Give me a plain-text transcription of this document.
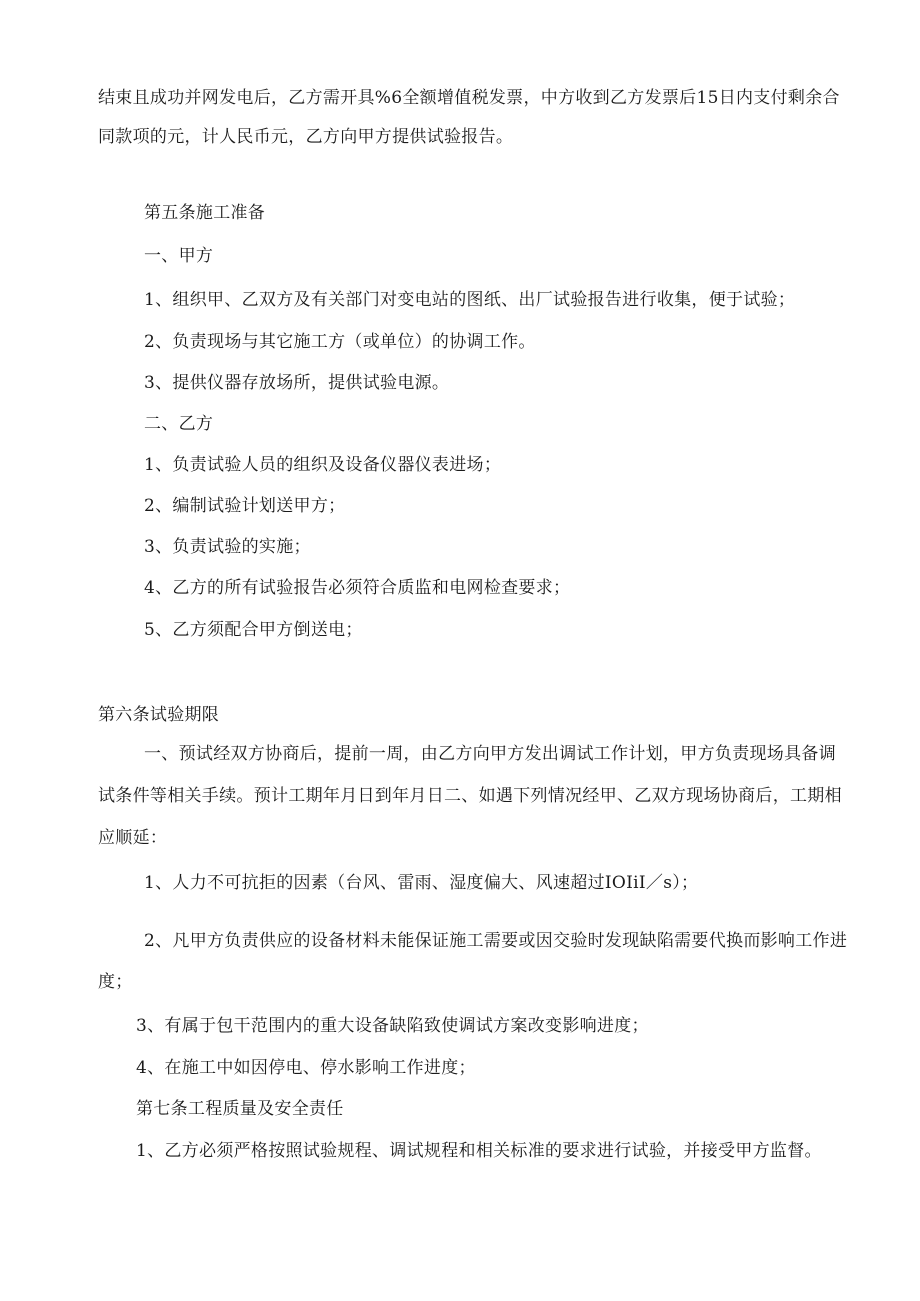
结束且成功并网发电后，乙方需开具%6全额增值税发票，中方收到乙方发票后15日内支付剩余合
同款项的元，计人民币元，乙方向甲方提供试验报告。
第五条施工准备
一、甲方
1、组织甲、乙双方及有关部门对变电站的图纸、出厂试验报告进行收集，便于试验；
2、负责现场与其它施工方（或单位）的协调工作。
3、提供仪器存放场所，提供试验电源。
二、乙方
1、负责试验人员的组织及设备仪器仪表进场；
2、编制试验计划送甲方；
3、负责试验的实施；
4、乙方的所有试验报告必须符合质监和电网检查要求；
5、乙方须配合甲方倒送电；
第六条试验期限
一、预试经双方协商后，提前一周，由乙方向甲方发出调试工作计划，甲方负责现场具备调
试条件等相关手续。预计工期年月日到年月日二、如遇下列情况经甲、乙双方现场协商后，工期相
应顺延：
1、人力不可抗拒的因素（台风、雷雨、湿度偏大、风速超过IOIiI／s）；
2、凡甲方负责供应的设备材料未能保证施工需要或因交验时发现缺陷需要代换而影响工作进
度；
3、有属于包干范围内的重大设备缺陷致使调试方案改变影响进度；
4、在施工中如因停电、停水影响工作进度；
第七条工程质量及安全责任
1、乙方必须严格按照试验规程、调试规程和相关标准的要求进行试验，并接受甲方监督。
